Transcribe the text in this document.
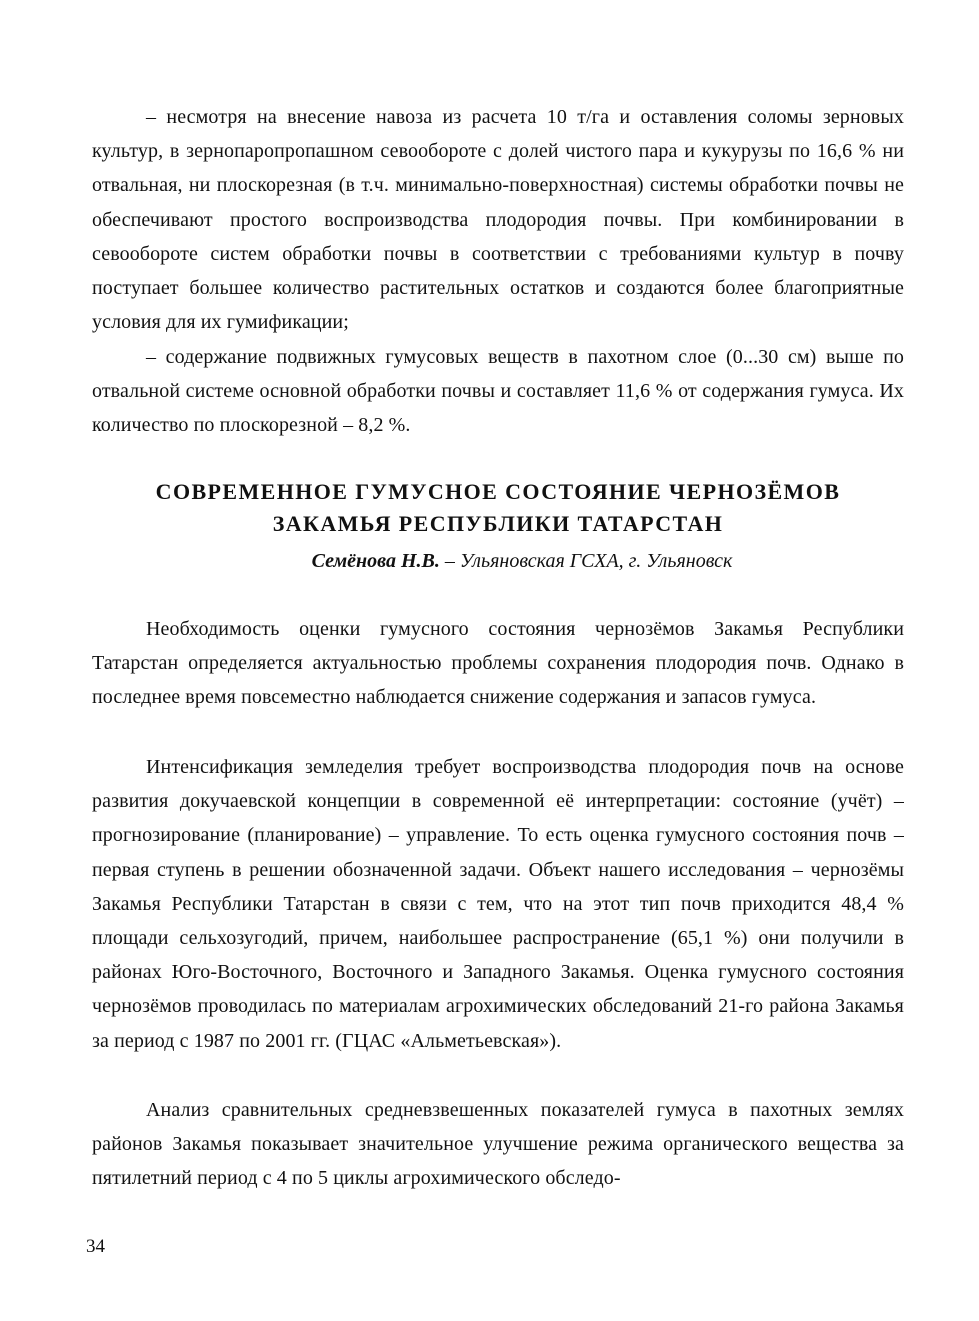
– несмотря на внесение навоза из расчета 10 т/га и оставления соломы зерновых культур, в зернопаропропашном севообороте с долей чистого пара и кукурузы по 16,6 % ни отвальная, ни плоскорезная (в т.ч. минимально-поверхностная) системы обработки почвы не обеспечивают простого воспроизводства плодородия почвы. При комбинировании в севообороте систем обработки почвы в соответствии с требованиями культур в почву поступает большее количество растительных остатков и создаются более благоприятные условия для их гумификации;

– содержание подвижных гумусовых веществ в пахотном слое (0...30 см) выше по отвальной системе основной обработки почвы и составляет 11,6 % от содержания гумуса. Их количество по плоскорезной – 8,2 %.

СОВРЕМЕННОЕ ГУМУСНОЕ СОСТОЯНИЕ ЧЕРНОЗЁМОВ
ЗАКАМЬЯ РЕСПУБЛИКИ ТАТАРСТАН

Семёнова Н.В. – Ульяновская ГСХА, г. Ульяновск

Необходимость оценки гумусного состояния чернозёмов Закамья Республики Татарстан определяется актуальностью проблемы сохранения плодородия почв. Однако в последнее время повсеместно наблюдается снижение содержания и запасов гумуса.

Интенсификация земледелия требует воспроизводства плодородия почв на основе развития докучаевской концепции в современной её интерпретации: состояние (учёт) – прогнозирование (планирование) – управление. То есть оценка гумусного состояния почв – первая ступень в решении обозначенной задачи. Объект нашего исследования – чернозёмы Закамья Республики Татарстан в связи с тем, что на этот тип почв приходится 48,4 % площади сельхозугодий, причем, наибольшее распространение (65,1 %) они получили в районах Юго-Восточного, Восточного и Западного Закамья. Оценка гумусного состояния чернозёмов проводилась по материалам агрохимических обследований 21-го района Закамья за период с 1987 по 2001 гг. (ГЦАС «Альметьевская»).

Анализ сравнительных средневзвешенных показателей гумуса в пахотных землях районов Закамья показывает значительное улучшение режима органического вещества за пятилетний период с 4 по 5 циклы агрохимического обследо-

34
